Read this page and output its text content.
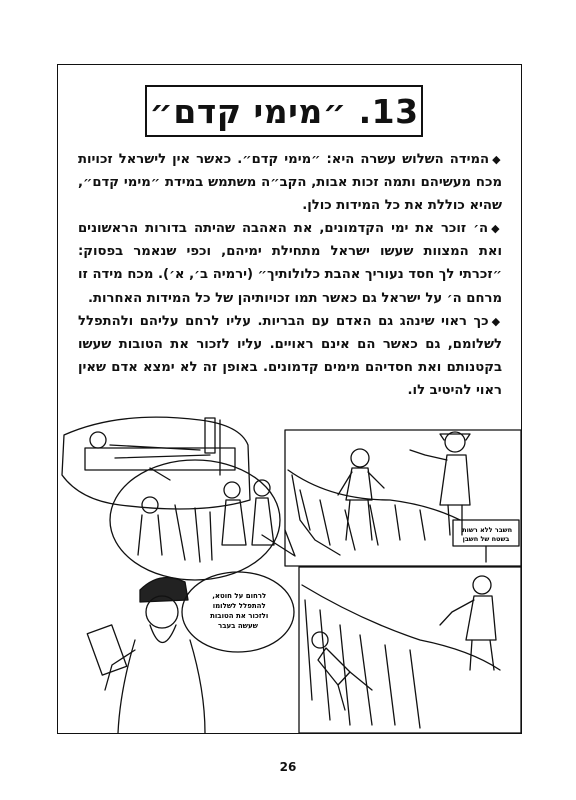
13. ״מימי קדם״

◆המידה השלוש עשרה היא: ״מימי קדם״. כאשר אין לישראל זכויות מכח מעשיהם ותמה זכות אבות, הקב״ה משתמש במידת ״מימי קדם״, שהיא כוללת את כל המידות כולן.

◆ה׳ זוכר את ימי הקדמונים, את האהבה שהיתה בדורות הראשונים ואת המצוות שעשו ישראל מתחילת ימיהם, וכפי שנאמר בפסוק: ״זכרתי לך חסד נעוריך אהבת כלולותיך״ (ירמיה ב׳, א׳). מכח מידה זו מרחם ה׳ על ישראל גם כאשר תמו זכויותיהן של כל המידות האחרות.

◆כך ראוי שינהג גם האדם עם הבריות. עליו לרחם עליהם ולהתפלל לשלומם, גם כאשר הם אינם ראויים. עליו לזכור את הטובות שעשו בקטנותם ואת חסדיהם מימים קדמונים. באופן זה לא ימצא אדם שאין ראוי להיטיב לו.

חשבר ללא רשות בשטח של חשבן
לרחום על חוטא, להתפלל לשלומו ולזכור את הטובות שעשה בעבר
26
